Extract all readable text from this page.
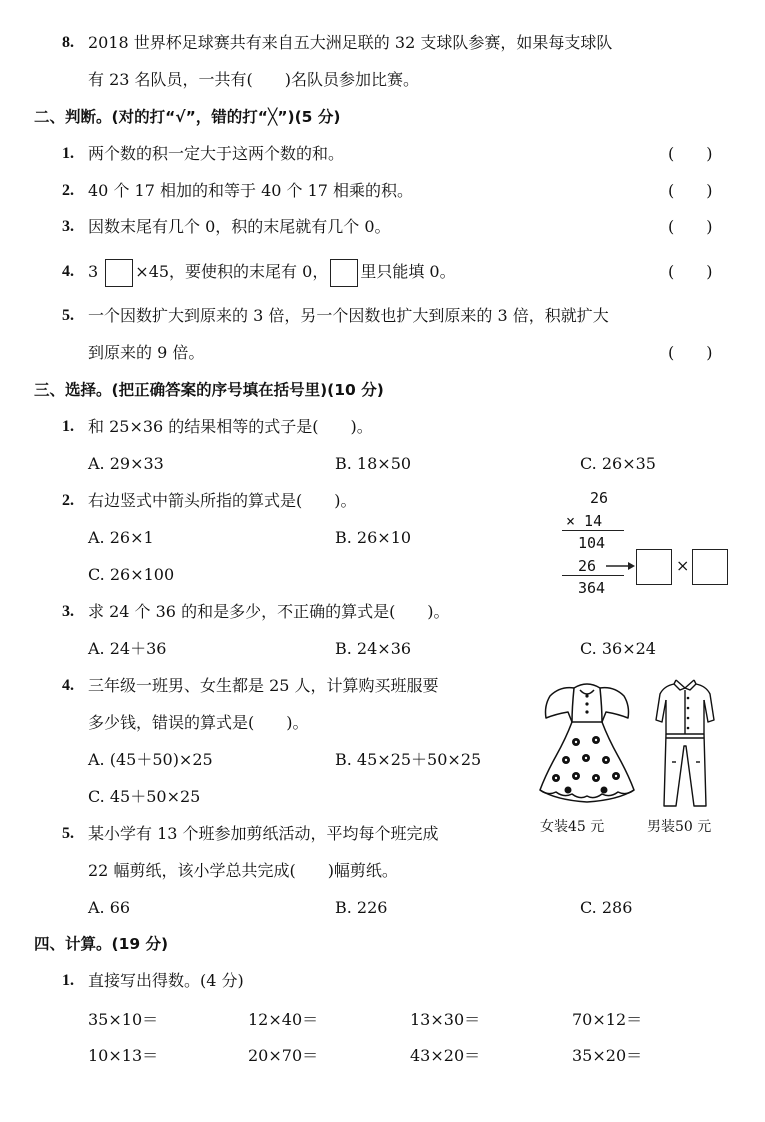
8. 2018 世界杯足球赛共有来自五大洲足联的 32 支球队参赛，如果每支球队
有 23 名队员，一共有(　　)名队员参加比赛。
二、判断。(对的打“√”，错的打“╳”)(5 分)
1. 两个数的积一定大于这两个数的和。	(　　)
2. 40 个 17 相加的和等于 40 个 17 相乘的积。	(　　)
3. 因数末尾有几个 0，积的末尾就有几个 0。	(　　)
4. 3 ×45，要使积的末尾有 0， 里只能填 0。	(　　)
5. 一个因数扩大到原来的 3 倍，另一个因数也扩大到原来的 3 倍，积就扩大
到原来的 9 倍。	(　　)
三、选择。(把正确答案的序号填在括号里)(10 分)
1. 和 25×36 的结果相等的式子是(　　)。
A. 29×33	B. 18×50	C. 26×35
2. 右边竖式中箭头所指的算式是(　　)。
A. 26×1	B. 26×10
C. 26×100
26
× 14
104
26
364
×
3. 求 24 个 36 的和是多少，不正确的算式是(　　)。
A. 24＋36	B. 24×36	C. 36×24
4. 三年级一班男、女生都是 25 人，计算购买班服要
多少钱，错误的算式是(　　)。
A. (45＋50)×25	B. 45×25＋50×25
C. 45＋50×25
女装45 元	男装50 元
5. 某小学有 13 个班参加剪纸活动，平均每个班完成
22 幅剪纸，该小学总共完成(　　)幅剪纸。
A. 66	B. 226	C. 286
四、计算。(19 分)
1. 直接写出得数。(4 分)
35×10＝	12×40＝	13×30＝	70×12＝
10×13＝	20×70＝	43×20＝	35×20＝
